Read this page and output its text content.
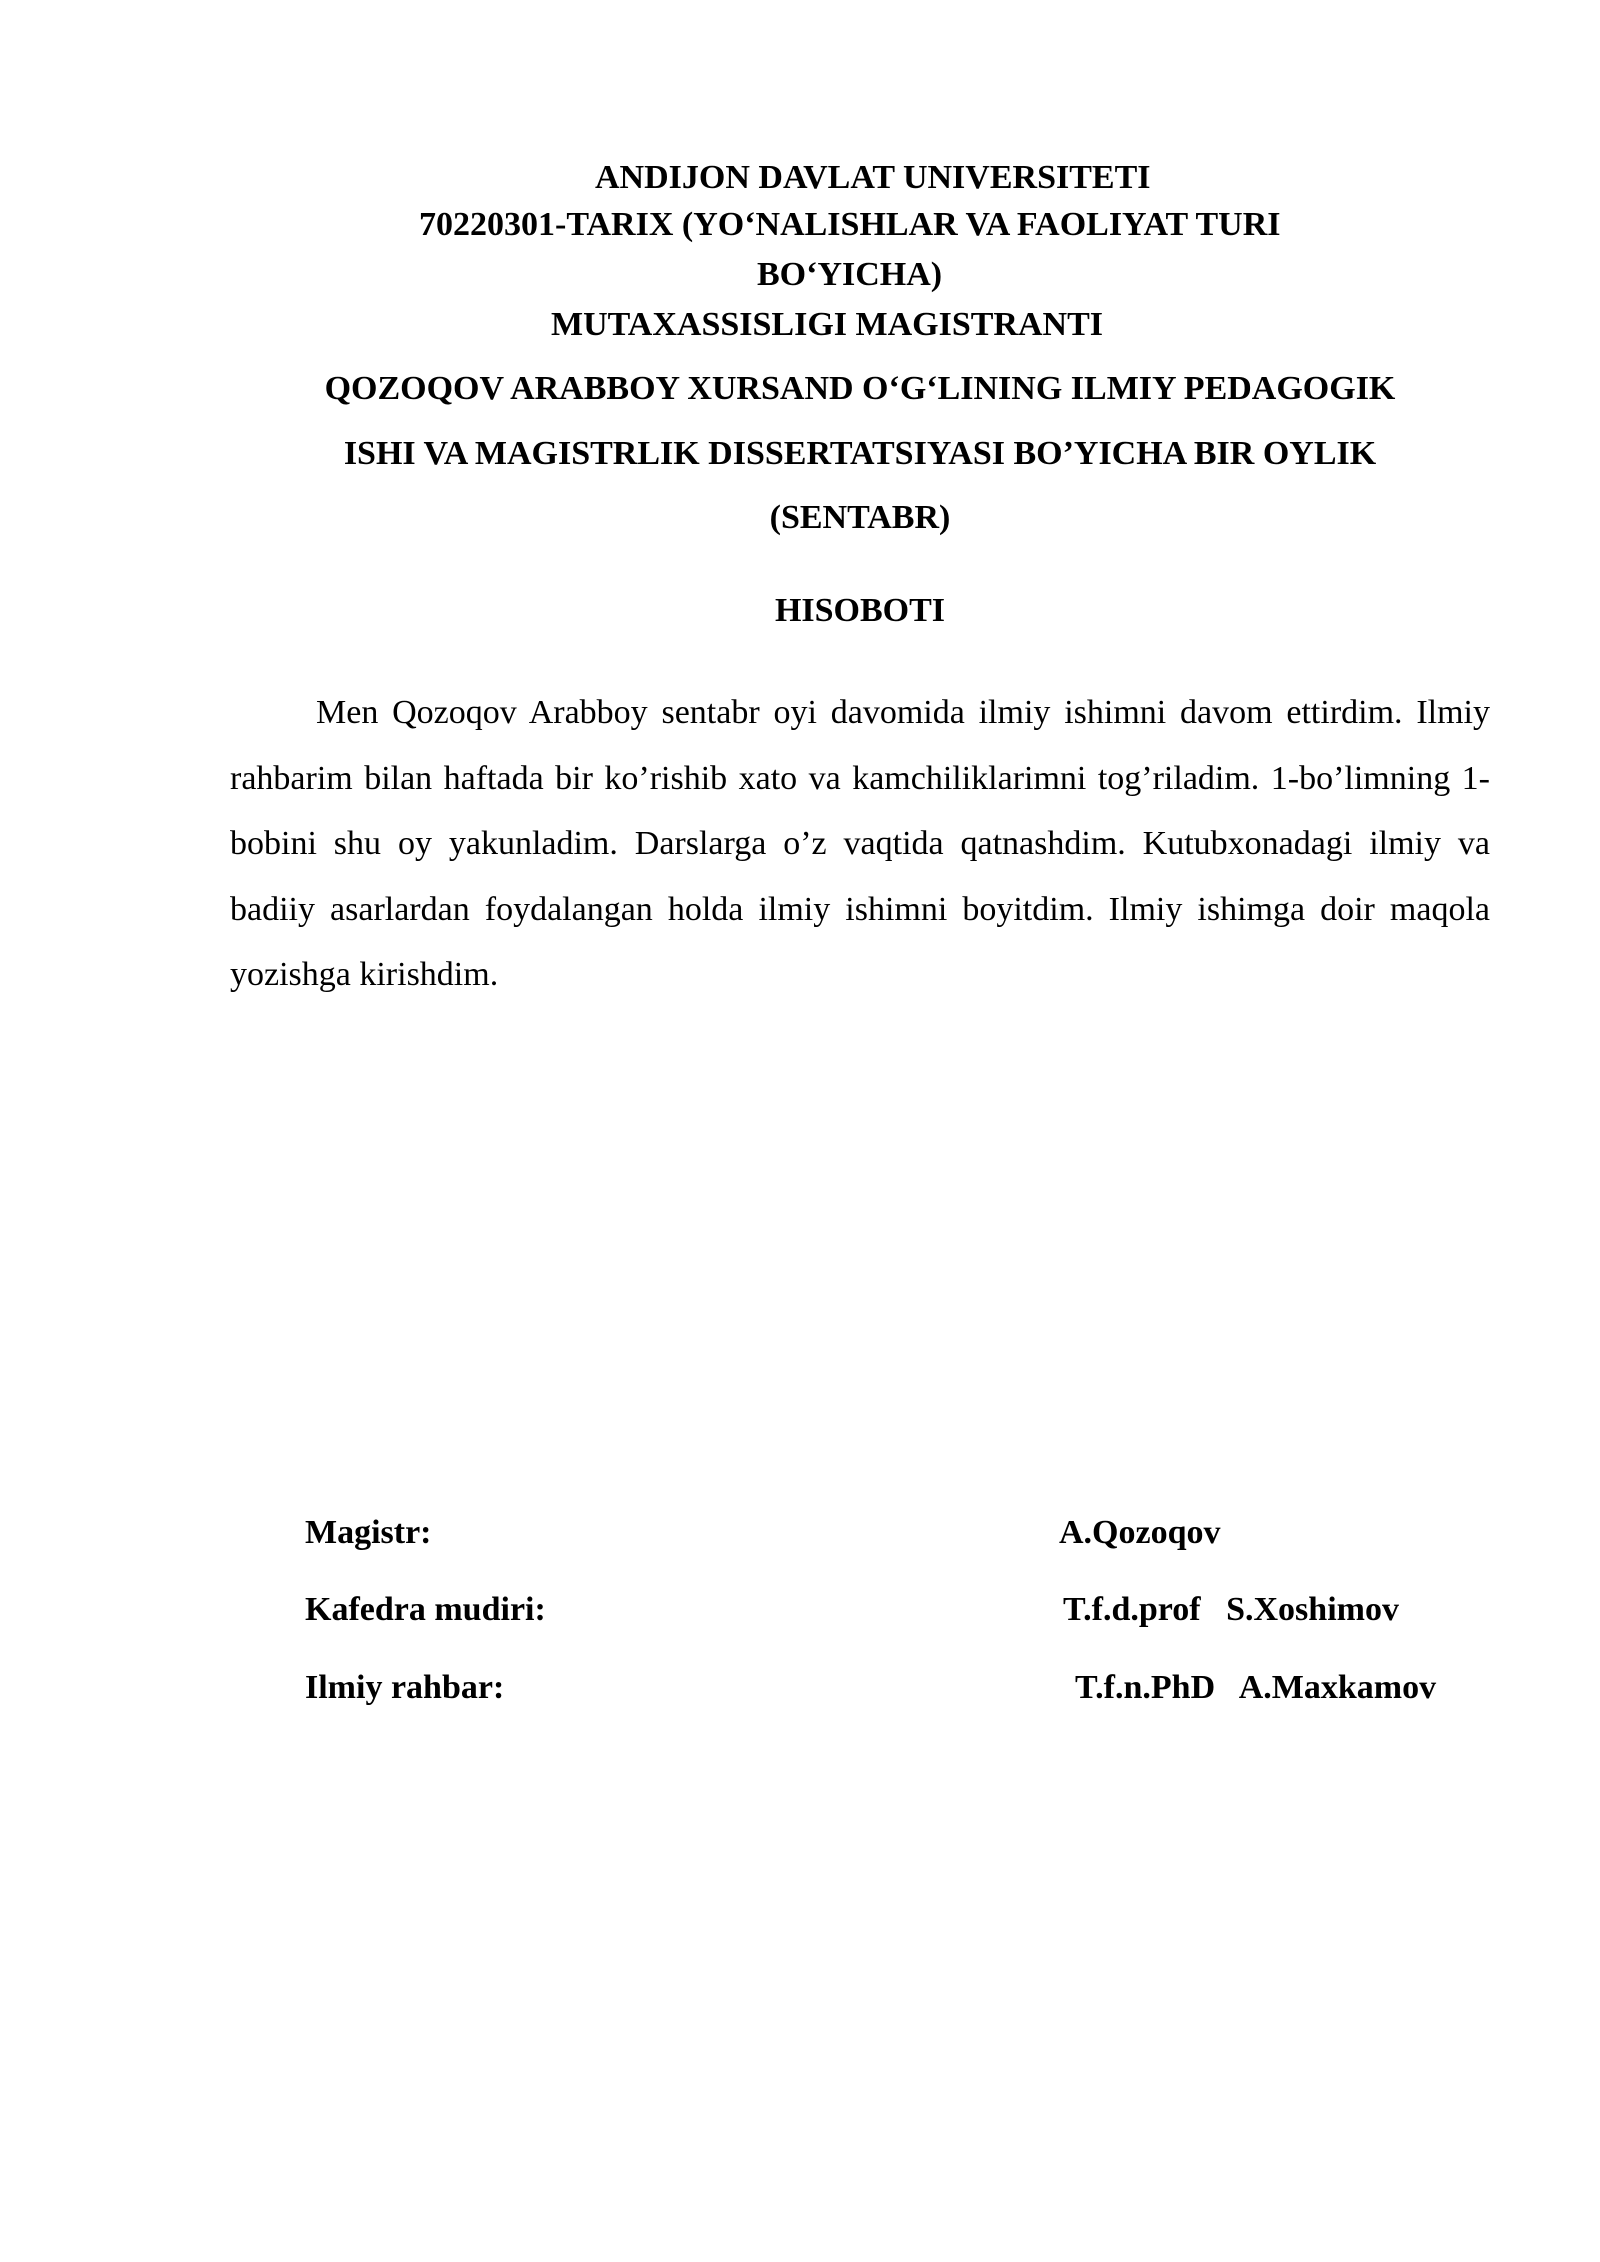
ANDIJON DAVLAT UNIVERSITETI
70220301-TARIX (YO‘NALISHLAR VA FAOLIYAT TURI
BO‘YICHA)
MUTAXASSISLIGI MAGISTRANTI
QOZOQOV ARABBOY XURSAND O‘G‘LINING ILMIY PEDAGOGIK
ISHI VA MAGISTRLIK DISSERTATSIYASI BO’YICHA BIR OYLIK
(SENTABR)
HISOBOTI

Men Qozoqov Arabboy sentabr oyi davomida ilmiy ishimni davom ettirdim. Ilmiy rahbarim bilan haftada bir ko’rishib xato va kamchiliklarimni tog’riladim. 1-bo’limning 1- bobini shu oy yakunladim. Darslarga o’z vaqtida qatnashdim. Kutubxonadagi ilmiy va badiiy asarlardan foydalangan holda ilmiy ishimni boyitdim. Ilmiy ishimga doir maqola yozishga kirishdim.

Magistr:	A.Qozoqov
Kafedra mudiri:	T.f.d.prof   S.Xoshimov
Ilmiy rahbar:	T.f.n.PhD   A.Maxkamov
